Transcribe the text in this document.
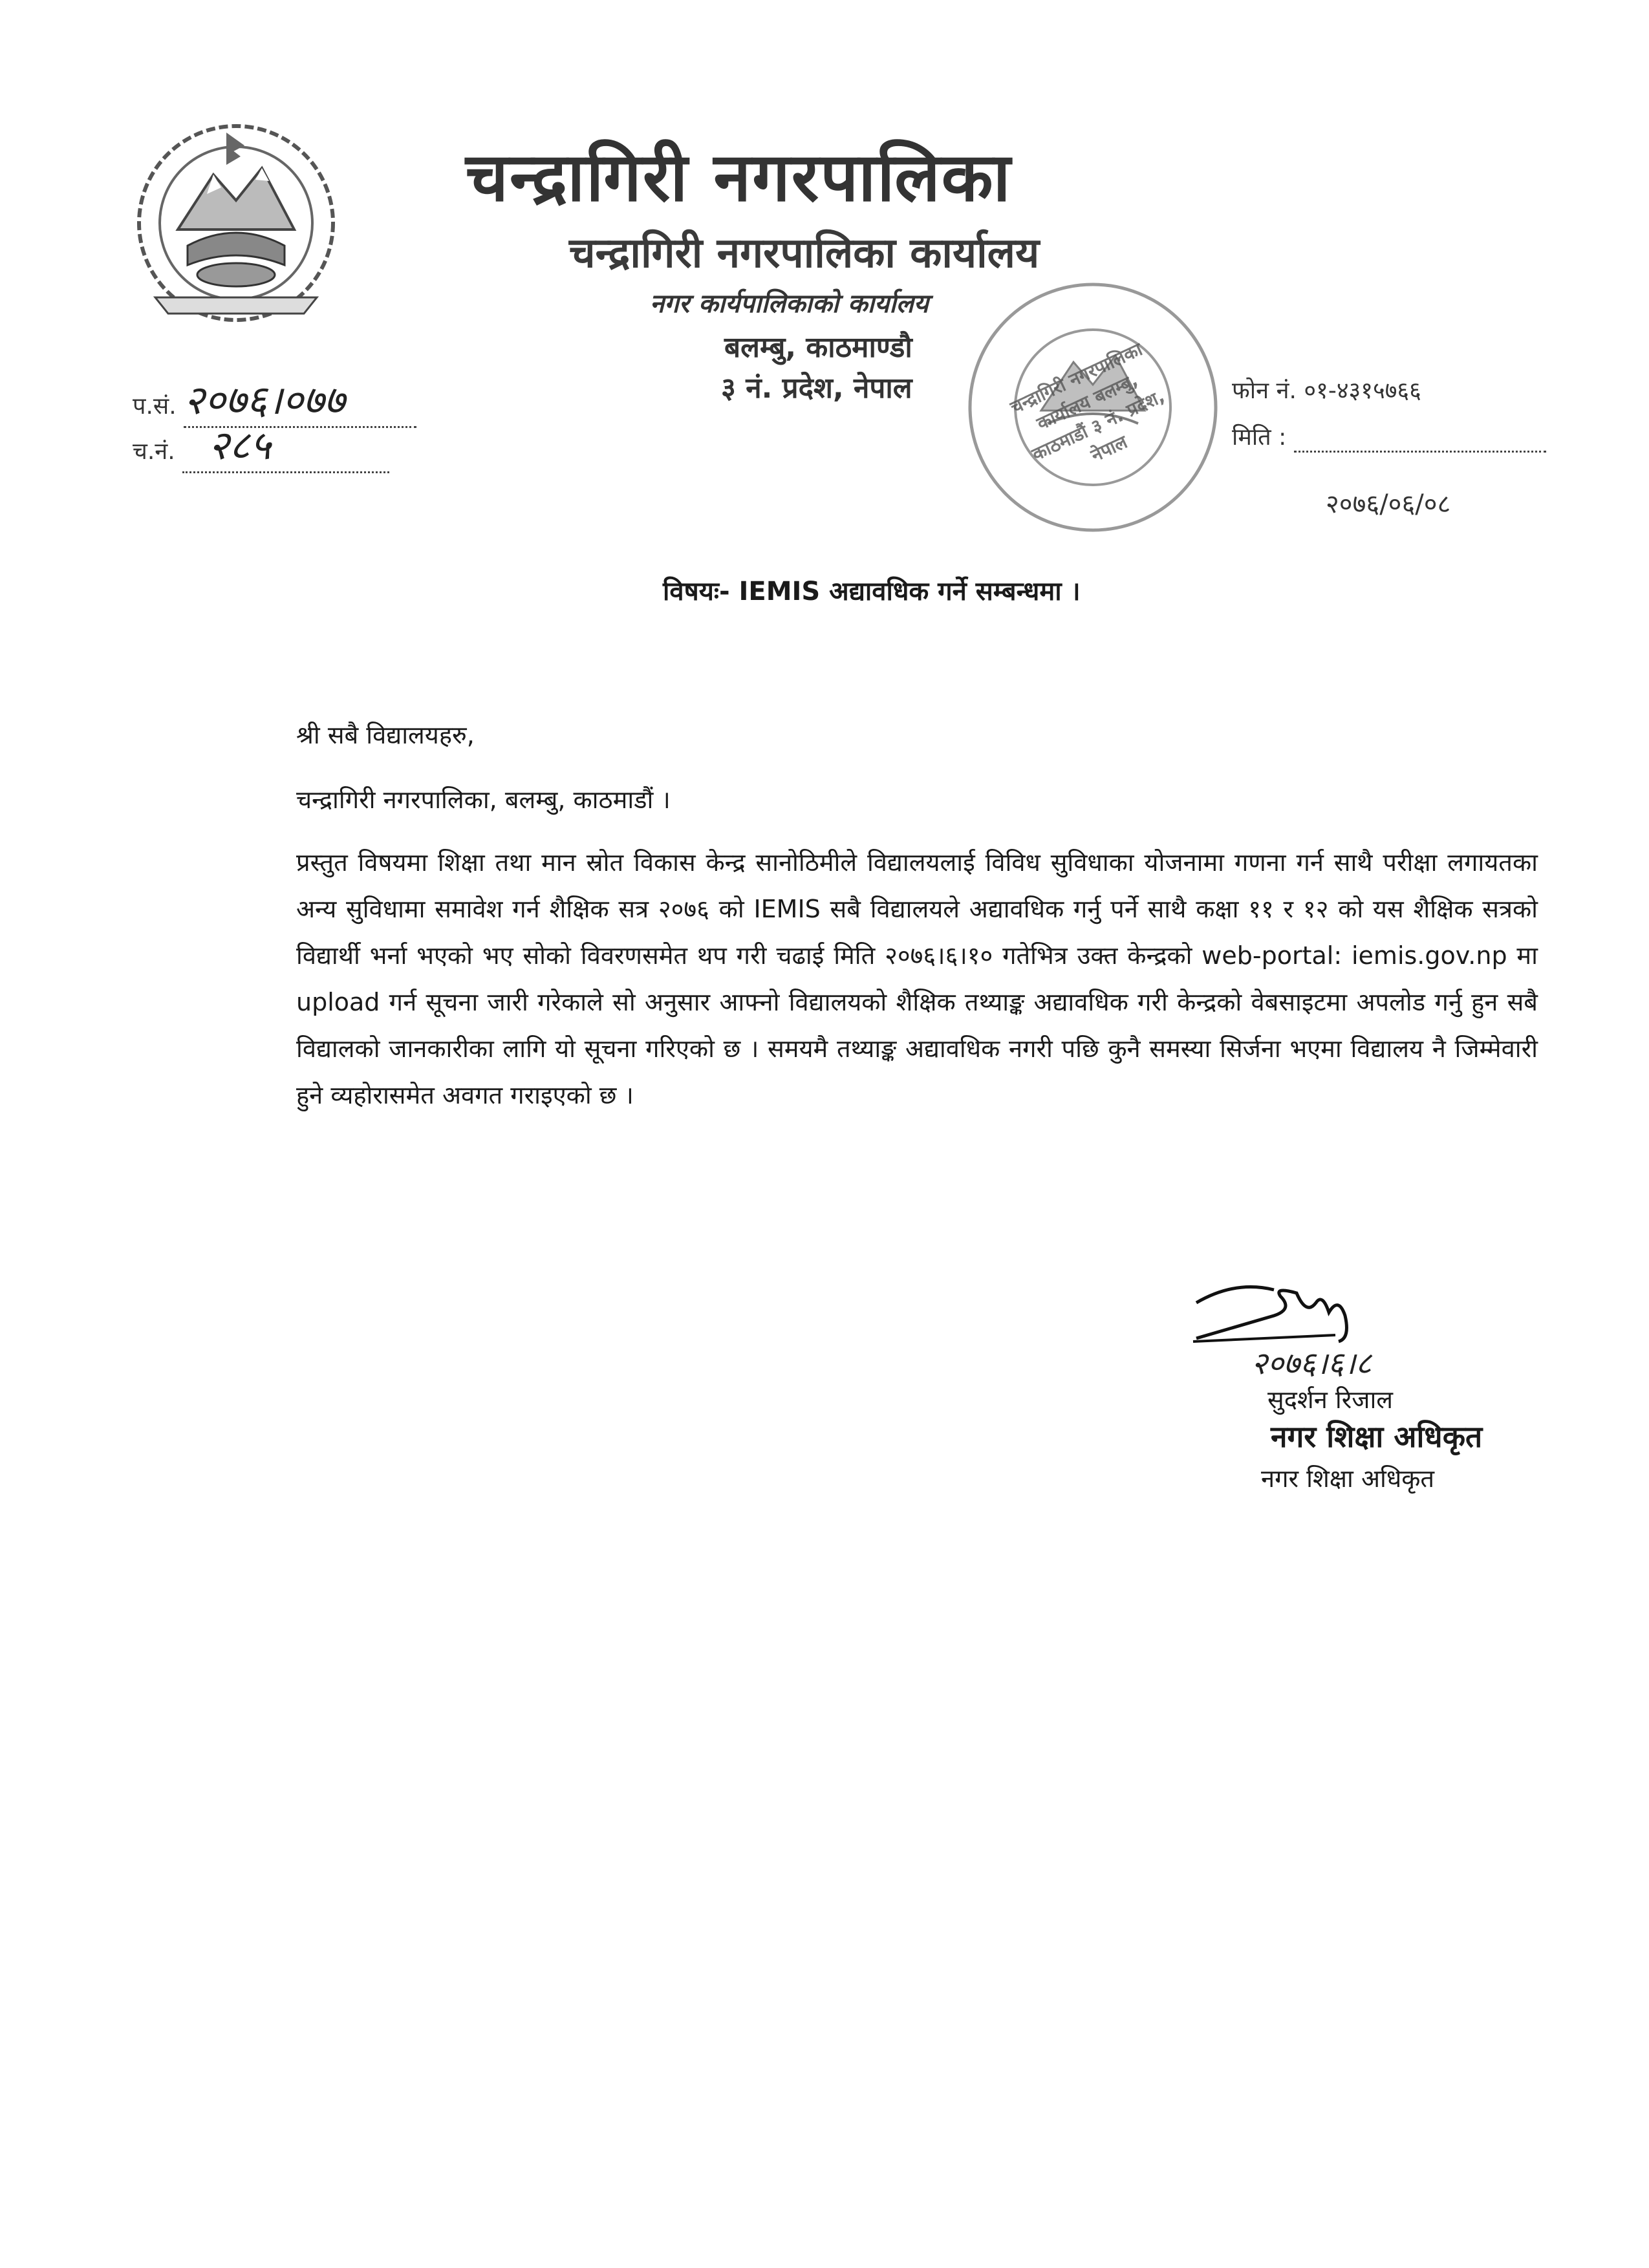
चन्द्रागिरी नगरपालिका
चन्द्रागिरी नगरपालिका कार्यालय
नगर कार्यपालिकाको कार्यालय
बलम्बु, काठमाण्डौ
३ नं. प्रदेश, नेपाल
प.सं. २०७६।०७७
च.नं. २८५
फोन नं. ०१-४३१५७६६
मिति :
२०७६/०६/०८
चन्द्रागिरी नगरपालिका कार्यालय बलम्बु, काठमाडौं ३ नं. प्रदेश, नेपाल
विषयः- IEMIS अद्यावधिक गर्ने सम्बन्धमा ।
श्री सबै विद्यालयहरु,
चन्द्रागिरी नगरपालिका, बलम्बु, काठमाडौं ।
प्रस्तुत विषयमा शिक्षा तथा मान स्रोत विकास केन्द्र सानोठिमीले विद्यालयलाई विविध सुविधाका योजनामा गणना गर्न साथै परीक्षा लगायतका अन्य सुविधामा समावेश गर्न शैक्षिक सत्र २०७६ को IEMIS सबै विद्यालयले अद्यावधिक गर्नु पर्ने साथै कक्षा ११ र १२ को यस शैक्षिक सत्रको विद्यार्थी भर्ना भएको भए सोको विवरणसमेत थप गरी चढाई मिति २०७६।६।१० गतेभित्र उक्त केन्द्रको web-portal: iemis.gov.np मा upload गर्न सूचना जारी गरेकाले सो अनुसार आफ्नो विद्यालयको शैक्षिक तथ्याङ्क अद्यावधिक गरी केन्द्रको वेबसाइटमा अपलोड गर्नु हुन सबै विद्यालको जानकारीका लागि यो सूचना गरिएको छ । समयमै तथ्याङ्क अद्यावधिक नगरी पछि कुनै समस्या सिर्जना भएमा विद्यालय नै जिम्मेवारी हुने व्यहोरासमेत अवगत गराइएको छ ।
२०७६।६।८
सुदर्शन रिजाल
नगर शिक्षा अधिकृत
नगर शिक्षा अधिकृत
